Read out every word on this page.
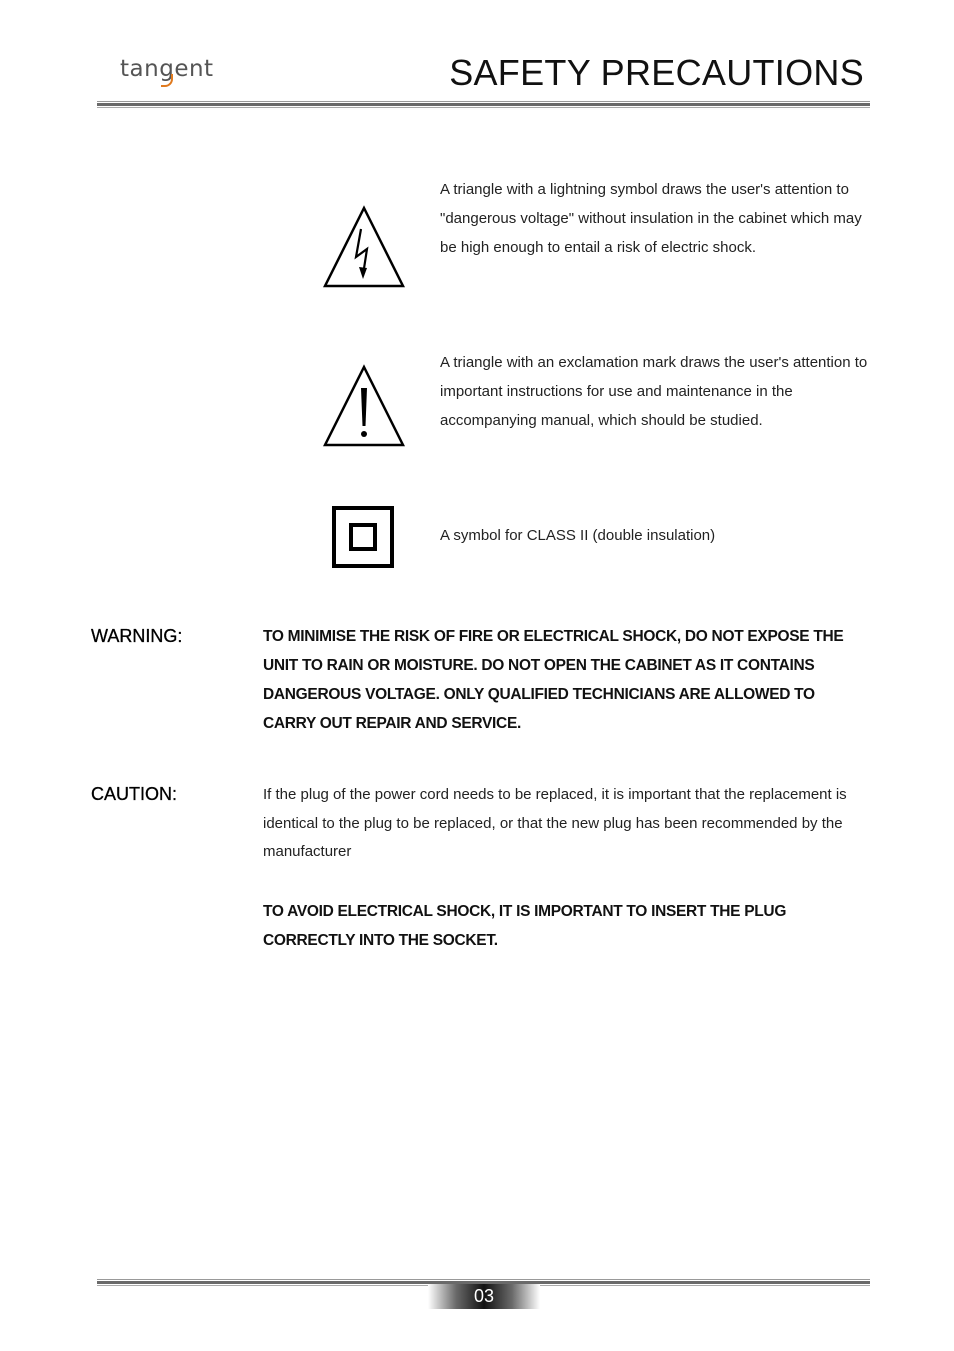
tang
ent	SAFETY PRECAUTIONS
A triangle with a lightning symbol draws the user's attention to "dangerous voltage" without insulation in the cabinet which may be high enough to entail a risk of electric shock.
A triangle with an exclamation mark draws the user's attention to important instructions for use and maintenance in the accompanying manual, which should be studied.
A symbol for CLASS II (double insulation)
WARNING:	TO MINIMISE THE RISK OF FIRE OR ELECTRICAL SHOCK, DO NOT EXPOSE THE UNIT TO RAIN OR MOISTURE. DO NOT OPEN THE CABINET AS IT CONTAINS DANGEROUS VOLTAGE. ONLY QUALIFIED TECHNICIANS ARE ALLOWED TO CARRY OUT REPAIR AND SERVICE.
CAUTION:	If the plug of the power cord needs to be replaced, it is important that the replacement is identical to the plug to be replaced, or that the new plug has been recommended by the manufacturer
TO AVOID ELECTRICAL SHOCK, IT IS IMPORTANT TO INSERT THE PLUG CORRECTLY INTO THE SOCKET.
03
